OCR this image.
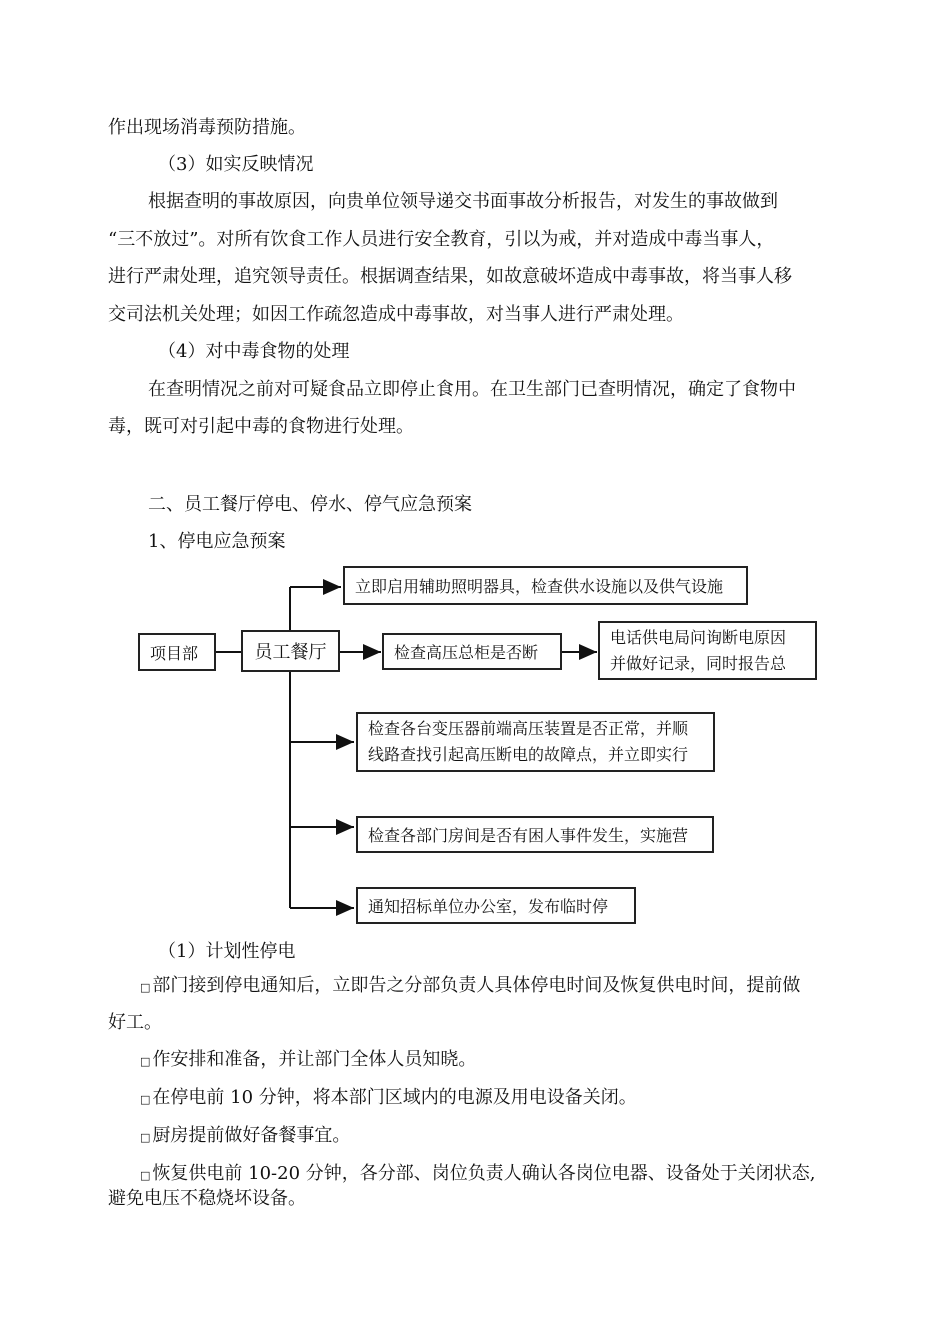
作出现场消毒预防措施。
（3）如实反映情况
根据查明的事故原因，向贵单位领导递交书面事故分析报告，对发生的事故做到
“三不放过”。对所有饮食工作人员进行安全教育，引以为戒，并对造成中毒当事人，
进行严肃处理，追究领导责任。根据调查结果，如故意破坏造成中毒事故，将当事人移
交司法机关处理；如因工作疏忽造成中毒事故，对当事人进行严肃处理。
（4）对中毒食物的处理
在查明情况之前对可疑食品立即停止食用。在卫生部门已查明情况，确定了食物中
毒，既可对引起中毒的食物进行处理。
二、员工餐厅停电、停水、停气应急预案
1、停电应急预案
项目部	员工餐厅
立即启用辅助照明器具，检查供水设施以及供气设施
检查高压总柜是否断
电话供电局问询断电原因
并做好记录，同时报告总
检查各台变压器前端高压装置是否正常，并顺
线路查找引起高压断电的故障点，并立即实行
检查各部门房间是否有困人事件发生，实施营
通知招标单位办公室，发布临时停
（1）计划性停电
□ 部门接到停电通知后，立即告之分部负责人具体停电时间及恢复供电时间，提前做
好工。
□ 作安排和准备，并让部门全体人员知晓。
□ 在停电前 10 分钟，将本部门区域内的电源及用电设备关闭。
□ 厨房提前做好备餐事宜。
□ 恢复供电前 10-20 分钟，各分部、岗位负责人确认各岗位电器、设备处于关闭状态,
避免电压不稳烧坏设备。
